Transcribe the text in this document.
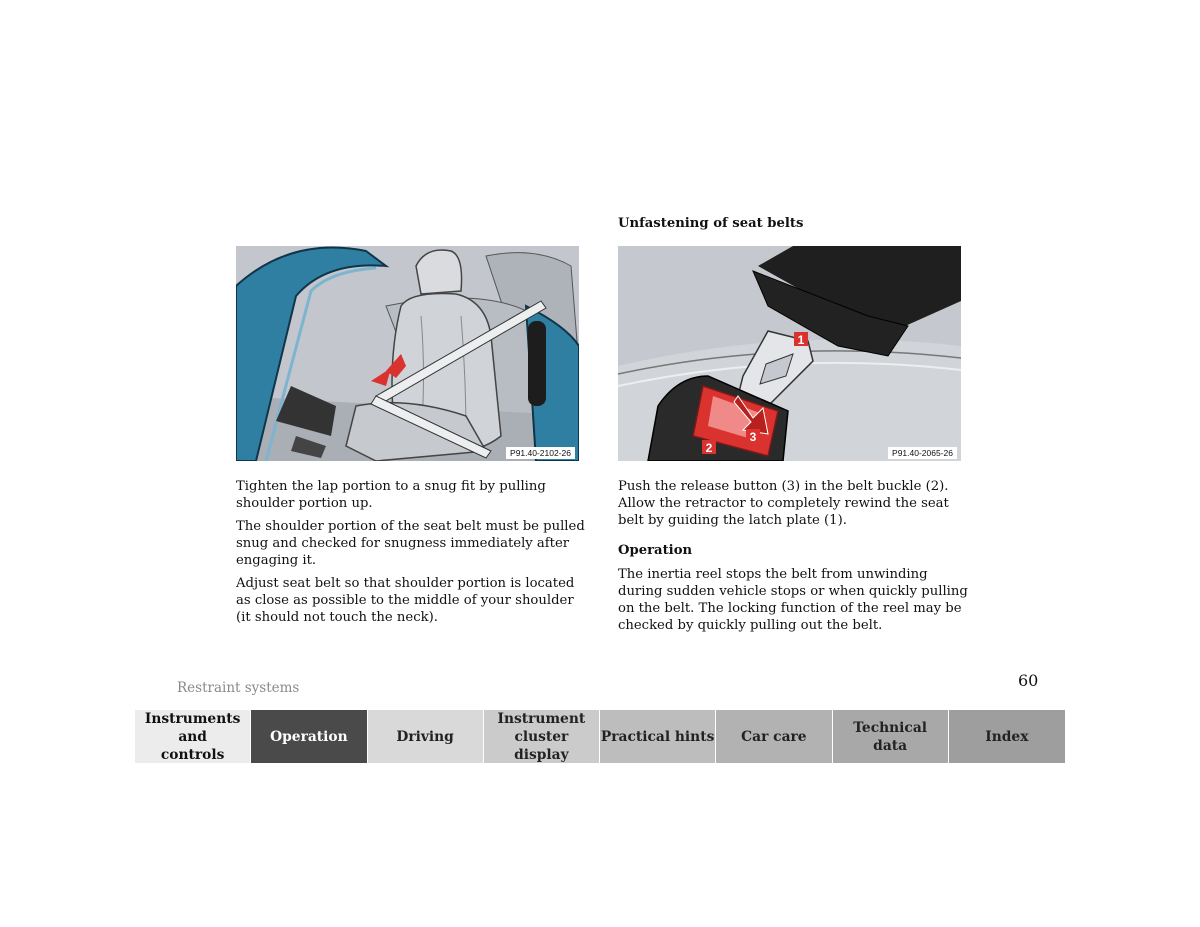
P91.40-2102-26
1
2
3
P91.40-2065-26

Unfastening of seat belts

Tighten the lap portion to a snug fit by pulling shoulder portion up.

The shoulder portion of the seat belt must be pulled snug and checked for snugness immediately after engaging it.

Adjust seat belt so that shoulder portion is located as close as possible to the middle of your shoulder (it should not touch the neck).

Push the release button (3) in the belt buckle (2). Allow the retractor to completely rewind the seat belt by guiding the latch plate (1).

Operation

The inertia reel stops the belt from unwinding during sudden vehicle stops or when quickly pulling on the belt. The locking function of the reel may be checked by quickly pulling out the belt.

Restraint systems	60
Instruments and controls
Operation	Driving
Instrument cluster display
Practical hints	Car care
Technical data
Index
